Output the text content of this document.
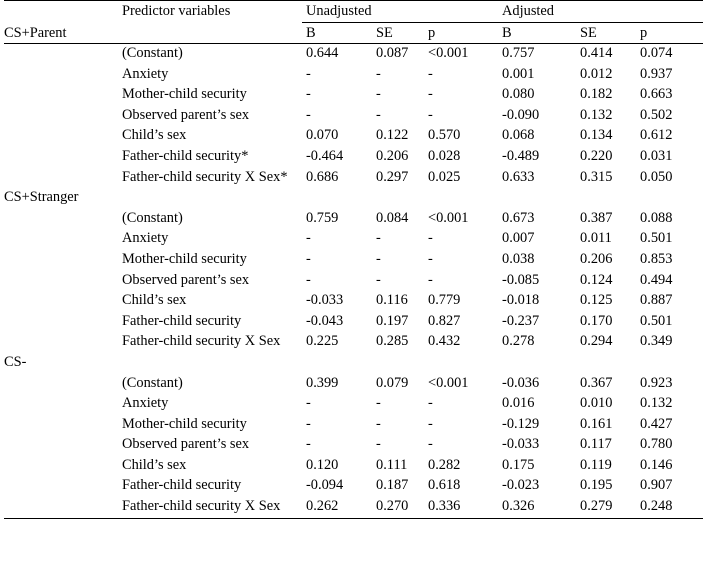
	Predictor variables	Unadjusted			Adjusted		
CS+Parent		B	SE	p	B	SE	p
	(Constant)	0.644	0.087	<0.001	0.757	0.414	0.074
	Anxiety	-	-	-	0.001	0.012	0.937
	Mother-child security	-	-	-	0.080	0.182	0.663
	Observed parent’s sex	-	-	-	-0.090	0.132	0.502
	Child’s sex	0.070	0.122	0.570	0.068	0.134	0.612
	Father-child security*	-0.464	0.206	0.028	-0.489	0.220	0.031
	Father-child security X Sex*	0.686	0.297	0.025	0.633	0.315	0.050
CS+Stranger							
	(Constant)	0.759	0.084	<0.001	0.673	0.387	0.088
	Anxiety	-	-	-	0.007	0.011	0.501
	Mother-child security	-	-	-	0.038	0.206	0.853
	Observed parent’s sex	-	-	-	-0.085	0.124	0.494
	Child’s sex	-0.033	0.116	0.779	-0.018	0.125	0.887
	Father-child security	-0.043	0.197	0.827	-0.237	0.170	0.501
	Father-child security X Sex	0.225	0.285	0.432	0.278	0.294	0.349
CS-							
	(Constant)	0.399	0.079	<0.001	-0.036	0.367	0.923
	Anxiety	-	-	-	0.016	0.010	0.132
	Mother-child security	-	-	-	-0.129	0.161	0.427
	Observed parent’s sex	-	-	-	-0.033	0.117	0.780
	Child’s sex	0.120	0.111	0.282	0.175	0.119	0.146
	Father-child security	-0.094	0.187	0.618	-0.023	0.195	0.907
	Father-child security X Sex	0.262	0.270	0.336	0.326	0.279	0.248
